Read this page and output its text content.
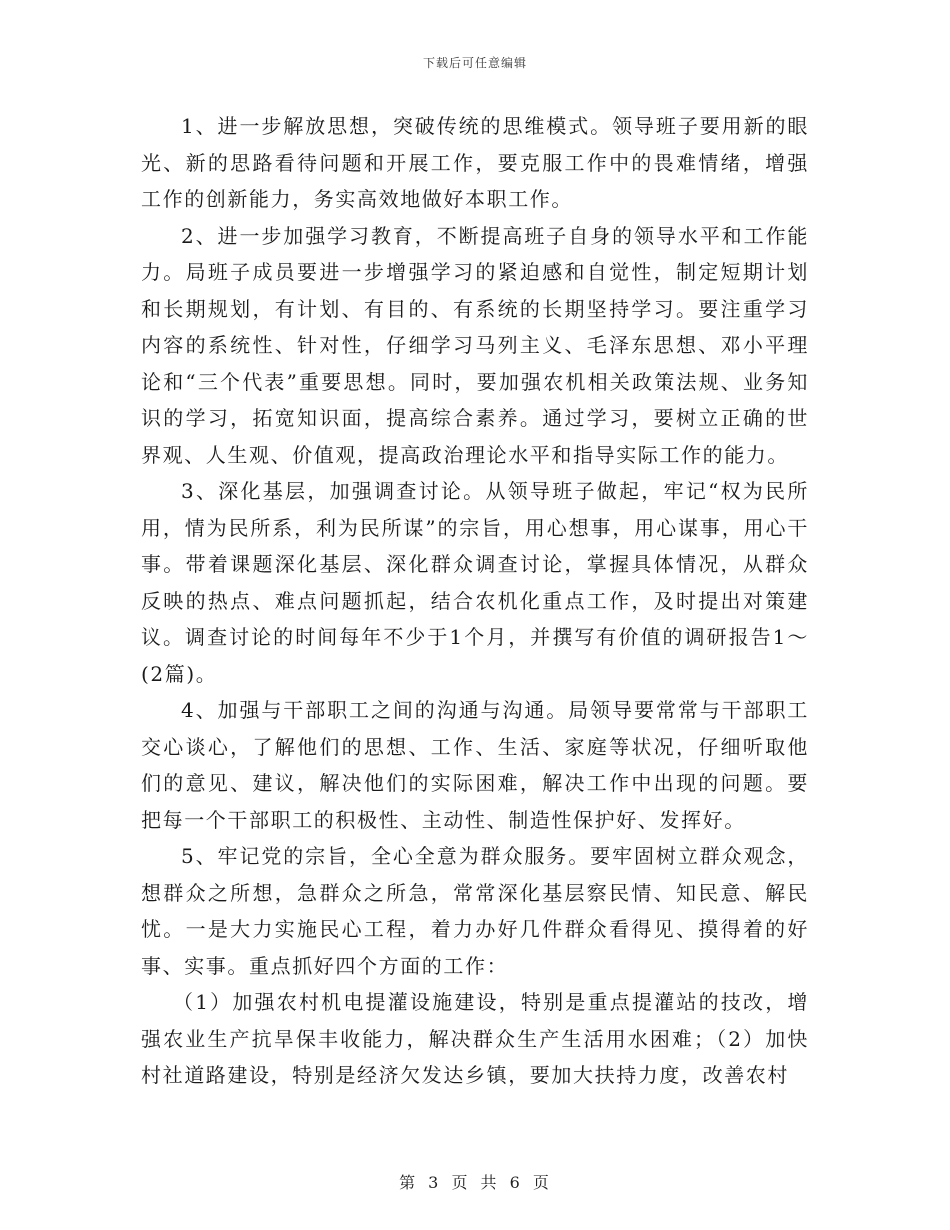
下载后可任意编辑

1、进一步解放思想，突破传统的思维模式。领导班子要用新的眼光、新的思路看待问题和开展工作，要克服工作中的畏难情绪，增强工作的创新能力，务实高效地做好本职工作。

2、进一步加强学习教育，不断提高班子自身的领导水平和工作能力。局班子成员要进一步增强学习的紧迫感和自觉性，制定短期计划和长期规划，有计划、有目的、有系统的长期坚持学习。要注重学习内容的系统性、针对性，仔细学习马列主义、毛泽东思想、邓小平理论和“三个代表”重要思想。同时，要加强农机相关政策法规、业务知识的学习，拓宽知识面，提高综合素养。通过学习，要树立正确的世界观、人生观、价值观，提高政治理论水平和指导实际工作的能力。

3、深化基层，加强调查讨论。从领导班子做起，牢记“权为民所用，情为民所系，利为民所谋”的宗旨，用心想事，用心谋事，用心干事。带着课题深化基层、深化群众调查讨论，掌握具体情况，从群众反映的热点、难点问题抓起，结合农机化重点工作，及时提出对策建议。调查讨论的时间每年不少于1个月，并撰写有价值的调研报告1～(2篇)。

4、加强与干部职工之间的沟通与沟通。局领导要常常与干部职工交心谈心，了解他们的思想、工作、生活、家庭等状况，仔细听取他们的意见、建议，解决他们的实际困难，解决工作中出现的问题。要把每一个干部职工的积极性、主动性、制造性保护好、发挥好。

5、牢记党的宗旨，全心全意为群众服务。要牢固树立群众观念，想群众之所想，急群众之所急，常常深化基层察民情、知民意、解民忧。一是大力实施民心工程，着力办好几件群众看得见、摸得着的好事、实事。重点抓好四个方面的工作：

（1）加强农村机电提灌设施建设，特别是重点提灌站的技改，增强农业生产抗旱保丰收能力，解决群众生产生活用水困难；（2）加快村社道路建设，特别是经济欠发达乡镇，要加大扶持力度，改善农村

第 3 页 共 6 页
